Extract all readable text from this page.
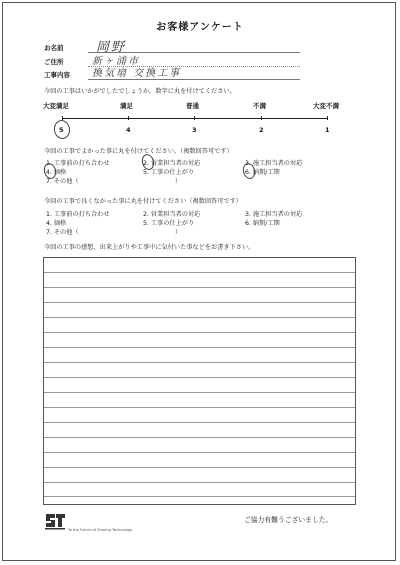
お客様アンケート
お名前	岡野
ご住所	新ヶ浦市
工事内容 換気扇 交換工事
今回の工事はいかがでしたでしょうか。数字に丸を付けてください。
大変満足	満足	普通	不満	大変不満
5	4	3	2	1
今回の工事でよかった事に丸を付けてください。（複数回答可です）
1. 工事前の打ち合わせ	2. 営業担当者の対応	3. 施工担当者の対応
4. 価格	5. 工事の仕上がり	6. 納期/工期
7. その他（	）
今回の工事で良くなかった事に丸を付けてください（複数回答可です）
1. 工事前の打ち合わせ	2. 営業担当者の対応	3. 施工担当者の対応
4. 価格	5. 工事の仕上がり	6. 納期/工期
7. その他（	）
今回の工事の感想、出来上がりや工事中に気付いた事などをお書き下さい。
To the Future of Sharing Technology
ご協力有難うございました。
